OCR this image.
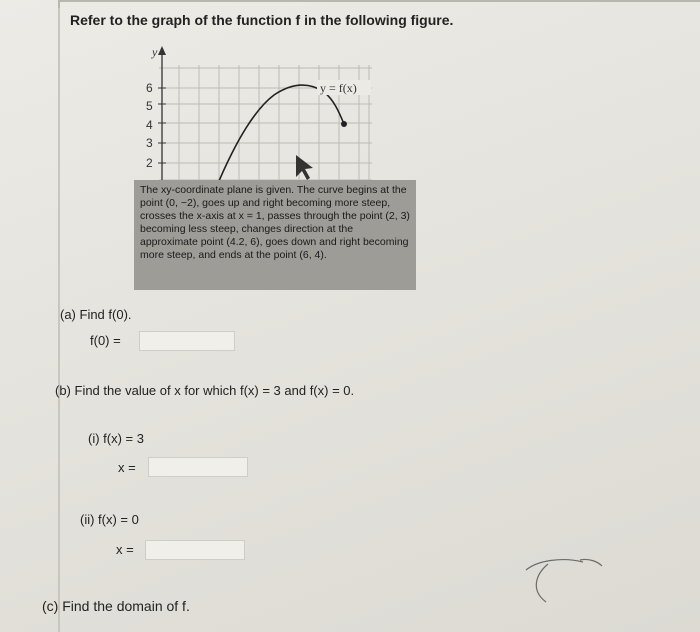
Refer to the graph of the function f in the following figure.
y
6
5
4
3
2
y = f(x)
The xy-coordinate plane is given. The curve begins at the point (0, −2), goes up and right becoming more steep, crosses the x-axis at x = 1, passes through the point (2, 3) becoming less steep, changes direction at the approximate point (4.2, 6), goes down and right becoming more steep, and ends at the point (6, 4).
(a) Find f(0).
f(0) =
(b) Find the value of x for which f(x) = 3 and f(x) = 0.
(i) f(x) = 3
x =
(ii) f(x) = 0
x =
(c) Find the domain of f.
